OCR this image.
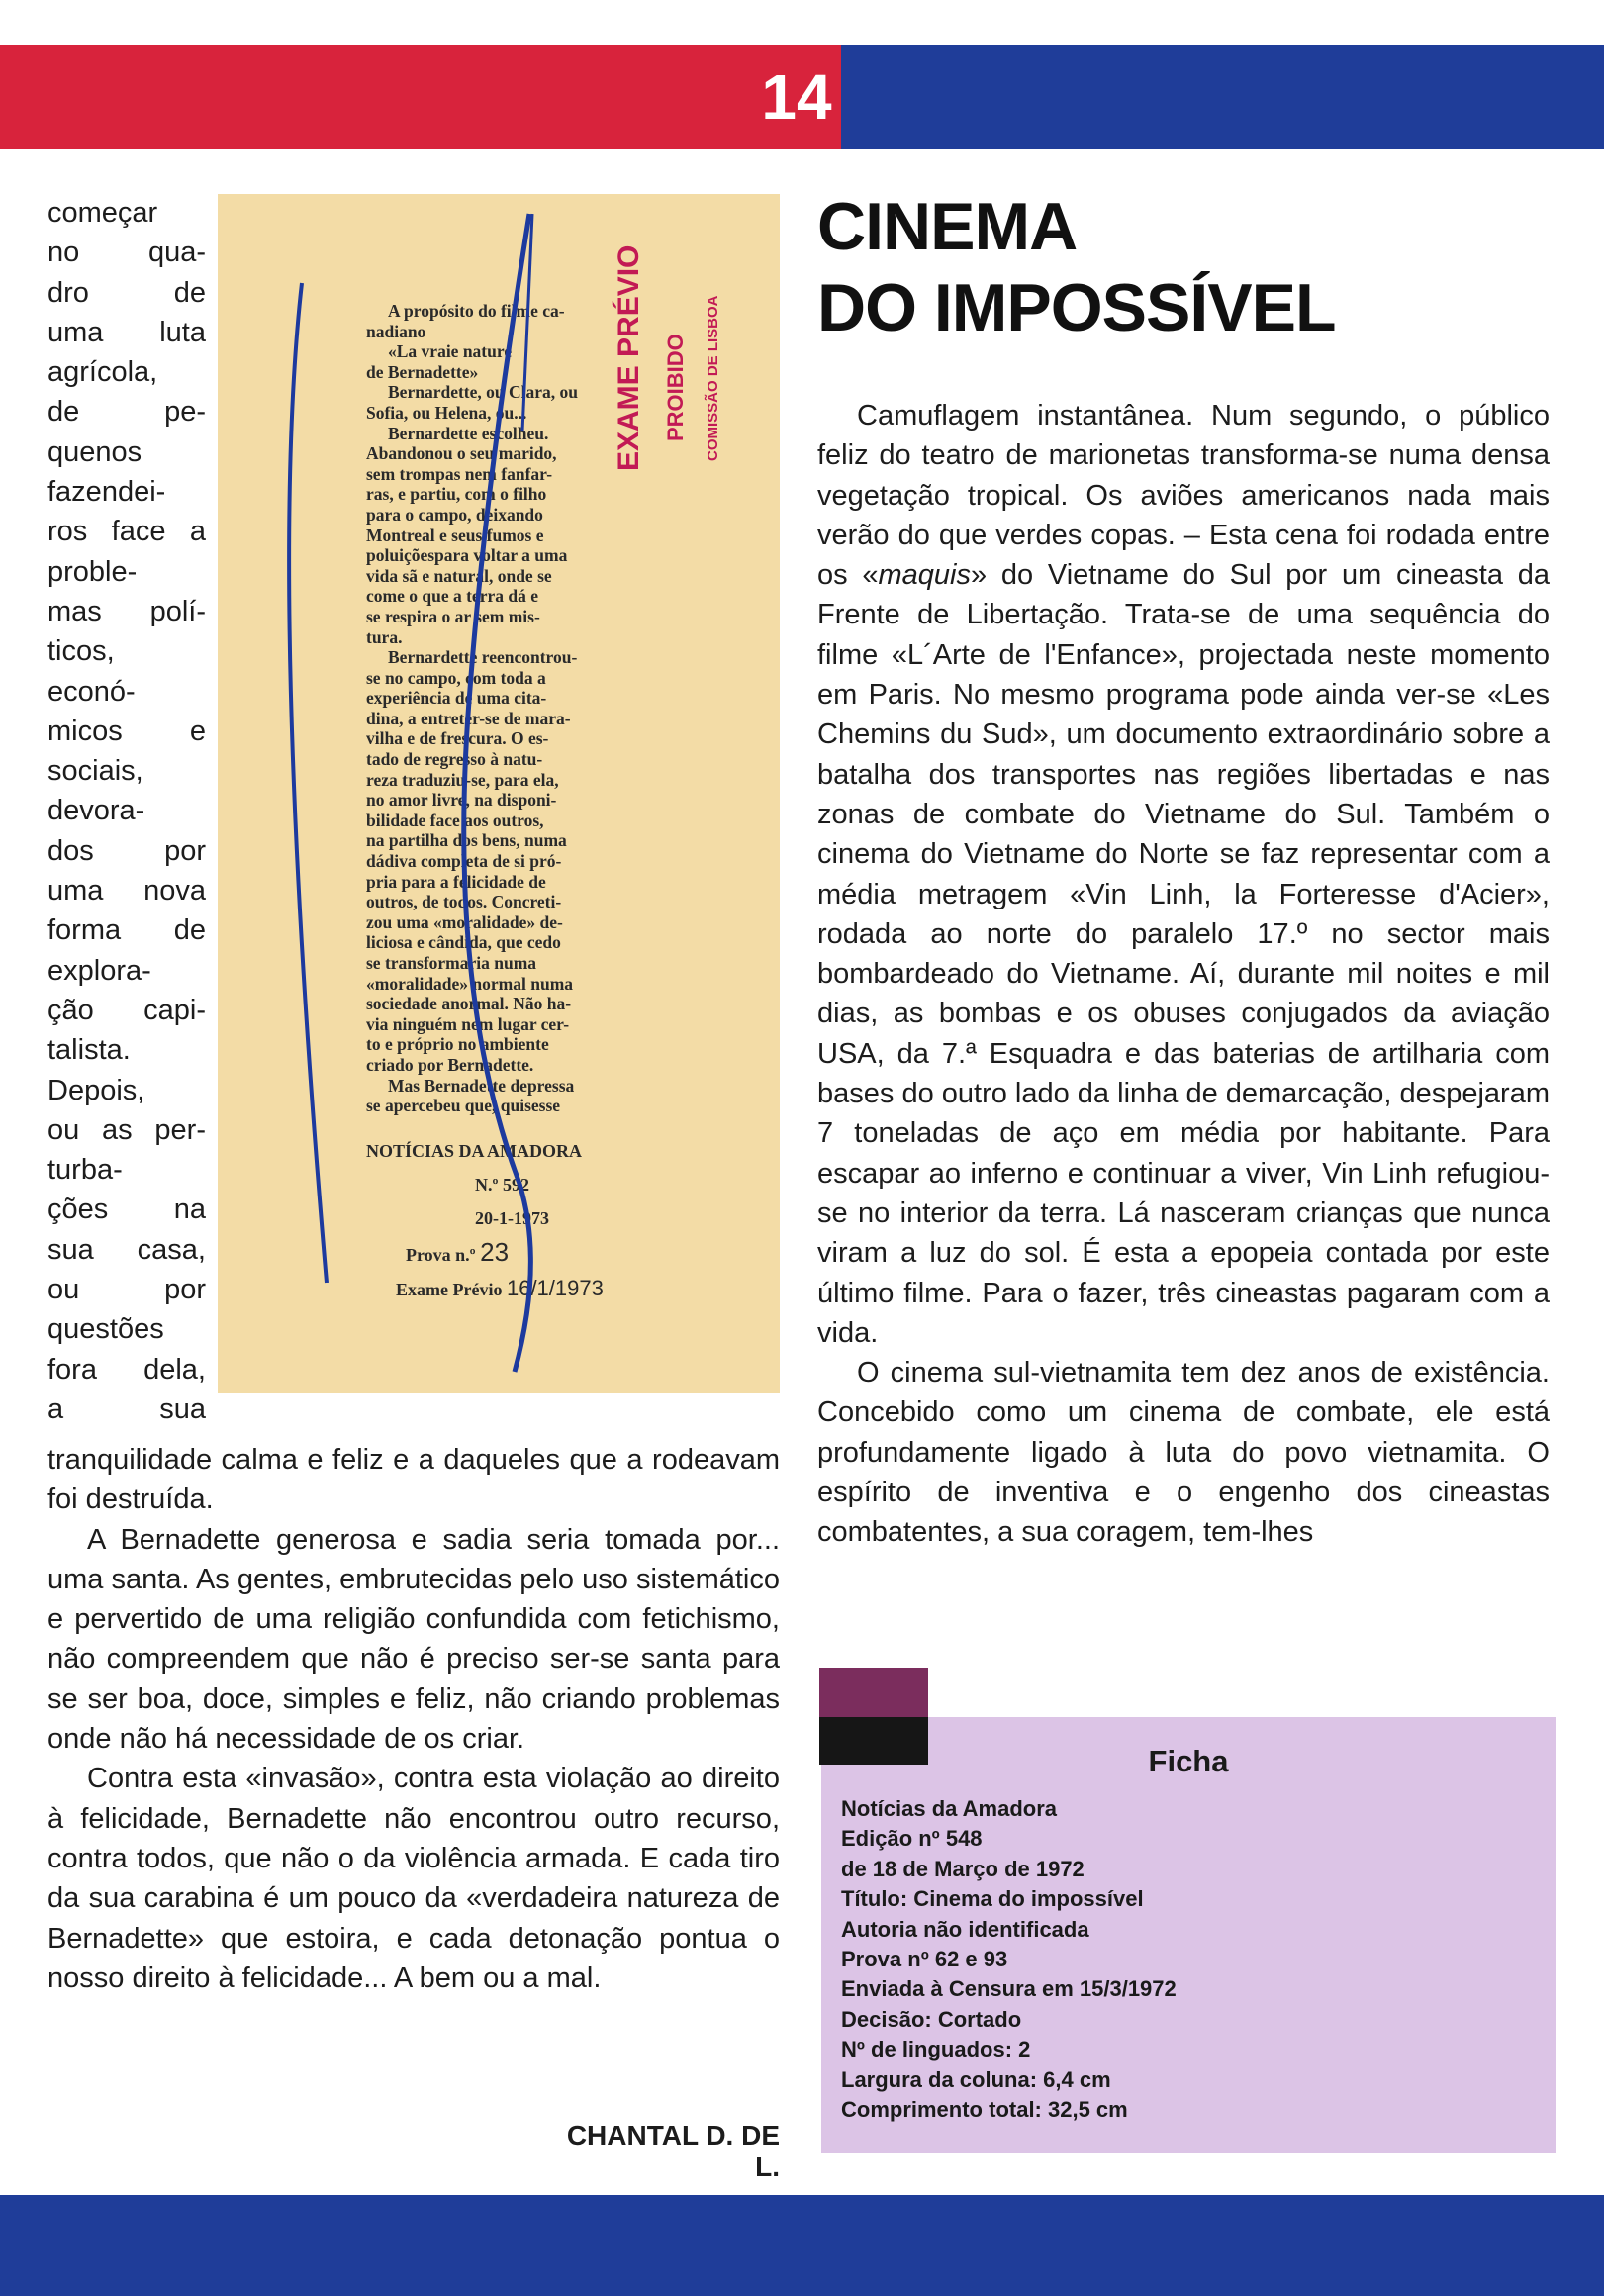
14
começar
no qua-
dro de
uma luta
agrícola,
de pe-
quenos
fazendei-
ros face a
proble-
mas polí-
ticos,
econó-
micos e
sociais,
devora-
dos por
uma nova
forma de
explora-
ção capi-
talista.
Depois,
ou as per-
turba-
ções na
sua casa,
ou por
questões
fora dela,
a sua
A propósito do filme ca-
nadiano
«La vraie nature
de Bernadette»
Bernardette, ou Clara, ou
Sofia, ou Helena, ou...
Bernardette escolheu.
Abandonou o seu marido,
sem trompas nem fanfar-
ras, e partiu, com o filho
para o campo, deixando
Montreal e seus fumos e
poluiçõespara voltar a uma
vida sã e natural, onde se
come o que a terra dá e
se respira o ar sem mis-
tura.
Bernardette reencontrou-
se no campo, com toda a
experiência de uma cita-
dina, a entreter-se de mara-
vilha e de frescura. O es-
tado de regresso à natu-
reza traduziu-se, para ela,
no amor livre, na disponi-
bilidade face aos outros,
na partilha dos bens, numa
dádiva completa de si pró-
pria para a felicidade de
outros, de todos. Concreti-
zou uma «moralidade» de-
liciosa e cândida, que cedo
se transformaria numa
«moralidade» normal numa
sociedade anormal. Não ha-
via ninguém nem lugar cer-
to e próprio no ambiente
criado por Bernadette.
Mas Bernadette depressa
se apercebeu que, quisesse
EXAME PRÉVIO PROIBIDO COMISSÃO DE LISBOA
NOTÍCIAS DA AMADORA
N.º 592
20-1-1973
Prova n.º 23
Exame Prévio 16/1/1973

tranquilidade calma e feliz e a daqueles que a rodeavam foi destruída.

A Bernadette generosa e sadia seria tomada por... uma santa. As gentes, embrutecidas pelo uso sistemático e pervertido de uma religião confundida com fetichismo, não compreendem que não é preciso ser-se santa para se ser boa, doce, simples e feliz, não criando problemas onde não há necessidade de os criar.

Contra esta «invasão», contra esta violação ao direito à felicidade, Bernadette não encontrou outro recurso, contra todos, que não o da violência armada. E cada tiro da sua carabina é um pouco da «verdadeira natureza de Bernadette» que estoira, e cada detonação pontua o nosso direito à felicidade... A bem ou a mal.

CHANTAL D. DE L.
CINEMA
DO IMPOSSÍVEL

Camuflagem instantânea. Num segundo, o público feliz do teatro de marionetas transforma-se numa densa vegetação tropical. Os aviões americanos nada mais verão do que verdes copas. – Esta cena foi rodada entre os «maquis» do Vietname do Sul por um cineasta da Frente de Libertação. Trata-se de uma sequência do filme «L´Arte de l'Enfance», projectada neste momento em Paris. No mesmo programa pode ainda ver-se «Les Chemins du Sud», um documento extraordinário sobre a batalha dos transportes nas regiões libertadas e nas zonas de combate do Vietname do Sul. Também o cinema do Vietname do Norte se faz representar com a média metragem «Vin Linh, la Forteresse d'Acier», rodada ao norte do paralelo 17.º no sector mais bombardeado do Vietname. Aí, durante mil noites e mil dias, as bombas e os obuses conjugados da aviação USA, da 7.ª Esquadra e das baterias de artilharia com bases do outro lado da linha de demarcação, despejaram 7 toneladas de aço em média por habitante. Para escapar ao inferno e continuar a viver, Vin Linh refugiou-se no interior da terra. Lá nasceram crianças que nunca viram a luz do sol. É esta a epopeia contada por este último filme. Para o fazer, três cineastas pagaram com a vida.

O cinema sul-vietnamita tem dez anos de existência. Concebido como um cinema de combate, ele está profundamente ligado à luta do povo vietnamita. O espírito de inventiva e o engenho dos cineastas combatentes, a sua coragem, tem-lhes

Ficha
Notícias da Amadora
Edição nº 548
de 18 de Março de 1972
Título: Cinema do impossível
Autoria não identificada
Prova nº 62 e 93
Enviada à Censura em 15/3/1972
Decisão: Cortado
Nº de linguados: 2
Largura da coluna: 6,4 cm
Comprimento total: 32,5 cm
